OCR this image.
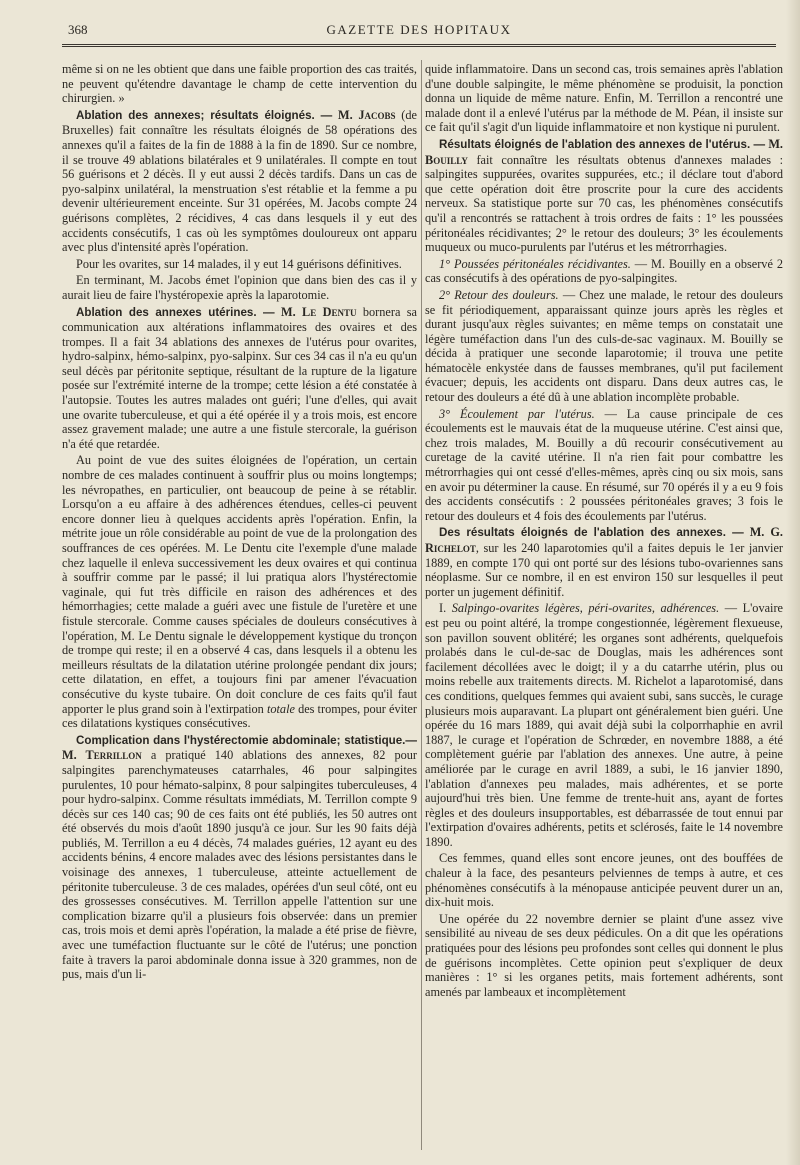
368	GAZETTE DES HOPITAUX

même si on ne les obtient que dans une faible proportion des cas traités, ne peuvent qu'étendre davantage le champ de cette intervention du chirurgien. »

Ablation des annexes; résultats éloignés. — M. Jacobs (de Bruxelles) fait connaître les résultats éloignés de 58 opérations des annexes qu'il a faites de la fin de 1888 à la fin de 1890. Sur ce nombre, il se trouve 49 ablations bilatérales et 9 unilatérales. Il compte en tout 56 guérisons et 2 décès. Il y eut aussi 2 décès tardifs. Dans un cas de pyo-salpinx unilatéral, la menstruation s'est rétablie et la femme a pu devenir ultérieurement enceinte. Sur 31 opérées, M. Jacobs compte 24 guérisons complètes, 2 récidives, 4 cas dans lesquels il y eut des accidents consécutifs, 1 cas où les symptômes douloureux ont apparu avec plus d'intensité après l'opération.

Pour les ovarites, sur 14 malades, il y eut 14 guérisons définitives.

En terminant, M. Jacobs émet l'opinion que dans bien des cas il y aurait lieu de faire l'hystéropexie après la laparotomie.

Ablation des annexes utérines. — M. Le Dentu bornera sa communication aux altérations inflammatoires des ovaires et des trompes. Il a fait 34 ablations des annexes de l'utérus pour ovarites, hydro-salpinx, hémo-salpinx, pyo-salpinx. Sur ces 34 cas il n'a eu qu'un seul décès par péritonite septique, résultant de la rupture de la ligature posée sur l'extrémité interne de la trompe; cette lésion a été constatée à l'autopsie. Toutes les autres malades ont guéri; l'une d'elles, qui avait une ovarite tuberculeuse, et qui a été opérée il y a trois mois, est encore assez gravement malade; une autre a une fistule stercorale, la guérison n'a été que retardée.

Au point de vue des suites éloignées de l'opération, un certain nombre de ces malades continuent à souffrir plus ou moins longtemps; les névropathes, en particulier, ont beaucoup de peine à se rétablir. Lorsqu'on a eu affaire à des adhérences étendues, celles-ci peuvent encore donner lieu à quelques accidents après l'opération. Enfin, la métrite joue un rôle considérable au point de vue de la prolongation des souffrances de ces opérées. M. Le Dentu cite l'exemple d'une malade chez laquelle il enleva successivement les deux ovaires et qui continua à souffrir comme par le passé; il lui pratiqua alors l'hystérectomie vaginale, qui fut très difficile en raison des adhérences et des hémorrhagies; cette malade a guéri avec une fistule de l'uretère et une fistule stercorale. Comme causes spéciales de douleurs consécutives à l'opération, M. Le Dentu signale le développement kystique du tronçon de trompe qui reste; il en a observé 4 cas, dans lesquels il a obtenu les meilleurs résultats de la dilatation utérine prolongée pendant dix jours; cette dilatation, en effet, a toujours fini par amener l'évacuation consécutive du kyste tubaire. On doit conclure de ces faits qu'il faut apporter le plus grand soin à l'extirpation totale des trompes, pour éviter ces dilatations kystiques consécutives.

Complication dans l'hystérectomie abdominale; statistique.—M. Terrillon a pratiqué 140 ablations des annexes, 82 pour salpingites parenchymateuses catarrhales, 46 pour salpingites purulentes, 10 pour hémato-salpinx, 8 pour salpingites tuberculeuses, 4 pour hydro-salpinx. Comme résultats immédiats, M. Terrillon compte 9 décès sur ces 140 cas; 90 de ces faits ont été publiés, les 50 autres ont été observés du mois d'août 1890 jusqu'à ce jour. Sur les 90 faits déjà publiés, M. Terrillon a eu 4 décès, 74 malades guéries, 12 ayant eu des accidents bénins, 4 encore malades avec des lésions persistantes dans le voisinage des annexes, 1 tuberculeuse, atteinte actuellement de péritonite tuberculeuse. 3 de ces malades, opérées d'un seul côté, ont eu des grossesses consécutives. M. Terrillon appelle l'attention sur une complication bizarre qu'il a plusieurs fois observée: dans un premier cas, trois mois et demi après l'opération, la malade a été prise de fièvre, avec une tuméfaction fluctuante sur le côté de l'utérus; une ponction faite à travers la paroi abdominale donna issue à 320 grammes, non de pus, mais d'un li-

quide inflammatoire. Dans un second cas, trois semaines après l'ablation d'une double salpingite, le même phénomène se produisit, la ponction donna un liquide de même nature. Enfin, M. Terrillon a rencontré une malade dont il a enlevé l'utérus par la méthode de M. Péan, il insiste sur ce fait qu'il s'agit d'un liquide inflammatoire et non kystique ni purulent.

Résultats éloignés de l'ablation des annexes de l'utérus. — M. Bouilly fait connaître les résultats obtenus d'annexes malades : salpingites suppurées, ovarites suppurées, etc.; il déclare tout d'abord que cette opération doit être proscrite pour la cure des accidents nerveux. Sa statistique porte sur 70 cas, les phénomènes consécutifs qu'il a rencontrés se rattachent à trois ordres de faits : 1° les poussées péritonéales récidivantes; 2° le retour des douleurs; 3° les écoulements muqueux ou muco-purulents par l'utérus et les métrorrhagies.

1° Poussées péritonéales récidivantes. — M. Bouilly en a observé 2 cas consécutifs à des opérations de pyo-salpingites.

2° Retour des douleurs. — Chez une malade, le retour des douleurs se fit périodiquement, apparaissant quinze jours après les règles et durant jusqu'aux règles suivantes; en même temps on constatait une légère tuméfaction dans l'un des culs-de-sac vaginaux. M. Bouilly se décida à pratiquer une seconde laparotomie; il trouva une petite hématocèle enkystée dans de fausses membranes, qu'il put facilement évacuer; depuis, les accidents ont disparu. Dans deux autres cas, le retour des douleurs a été dû à une ablation incomplète probable.

3° Écoulement par l'utérus. — La cause principale de ces écoulements est le mauvais état de la muqueuse utérine. C'est ainsi que, chez trois malades, M. Bouilly a dû recourir consécutivement au curetage de la cavité utérine. Il n'a rien fait pour combattre les métrorrhagies qui ont cessé d'elles-mêmes, après cinq ou six mois, sans en avoir pu déterminer la cause. En résumé, sur 70 opérés il y a eu 9 fois des accidents consécutifs : 2 poussées péritonéales graves; 3 fois le retour des douleurs et 4 fois des écoulements par l'utérus.

Des résultats éloignés de l'ablation des annexes. — M. G. Richelot, sur les 240 laparotomies qu'il a faites depuis le 1er janvier 1889, en compte 170 qui ont porté sur des lésions tubo-ovariennes sans néoplasme. Sur ce nombre, il en est environ 150 sur lesquelles il peut porter un jugement définitif.

I. Salpingo-ovarites légères, péri-ovarites, adhérences. — L'ovaire est peu ou point altéré, la trompe congestionnée, légèrement flexueuse, son pavillon souvent oblitéré; les organes sont adhérents, quelquefois prolabés dans le cul-de-sac de Douglas, mais les adhérences sont facilement décollées avec le doigt; il y a du catarrhe utérin, plus ou moins rebelle aux traitements directs. M. Richelot a laparotomisé, dans ces conditions, quelques femmes qui avaient subi, sans succès, le curage plusieurs mois auparavant. La plupart ont généralement bien guéri. Une opérée du 16 mars 1889, qui avait déjà subi la colporrhaphie en avril 1887, le curage et l'opération de Schrœder, en novembre 1888, a été complètement guérie par l'ablation des annexes. Une autre, à peine améliorée par le curage en avril 1889, a subi, le 16 janvier 1890, l'ablation d'annexes peu malades, mais adhérentes, et se porte aujourd'hui très bien. Une femme de trente-huit ans, ayant de fortes règles et des douleurs insupportables, est débarrassée de tout ennui par l'extirpation d'ovaires adhérents, petits et sclérosés, faite le 14 novembre 1890.

Ces femmes, quand elles sont encore jeunes, ont des bouffées de chaleur à la face, des pesanteurs pelviennes de temps à autre, et ces phénomènes consécutifs à la ménopause anticipée peuvent durer un an, dix-huit mois.

Une opérée du 22 novembre dernier se plaint d'une assez vive sensibilité au niveau de ses deux pédicules. On a dit que les opérations pratiquées pour des lésions peu profondes sont celles qui donnent le plus de guérisons incomplètes. Cette opinion peut s'expliquer de deux manières : 1° si les organes petits, mais fortement adhérents, sont amenés par lambeaux et incomplètement
